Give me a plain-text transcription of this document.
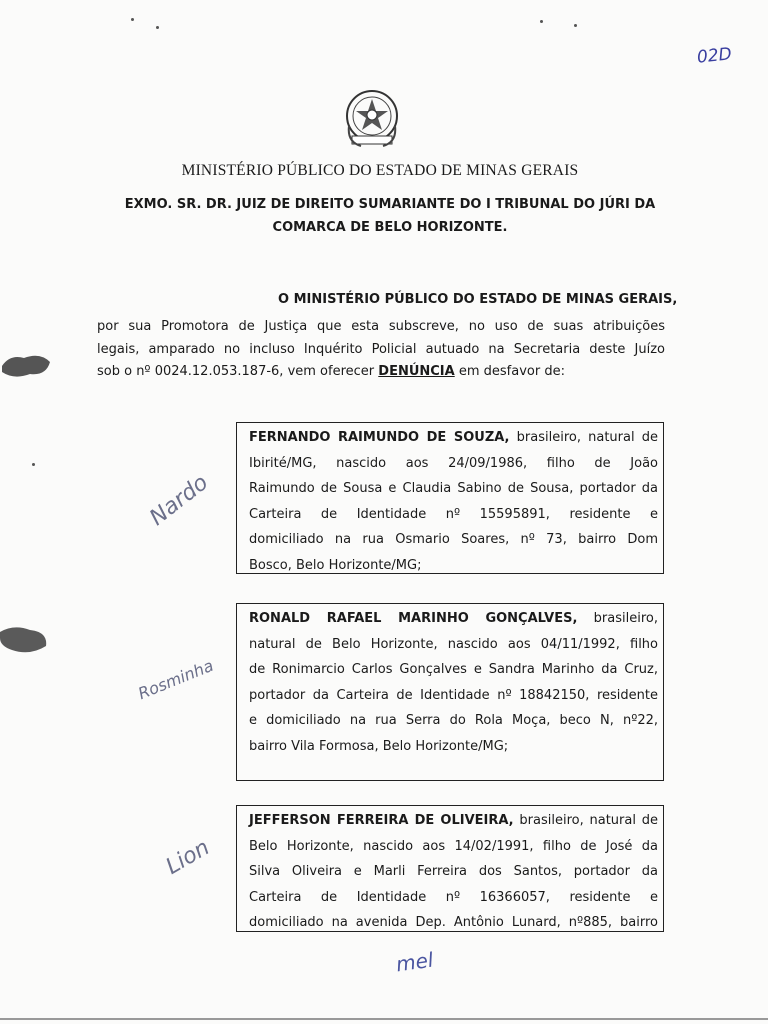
02D
MINISTÉRIO PÚBLICO DO ESTADO DE MINAS GERAIS
EXMO. SR. DR. JUIZ DE DIREITO SUMARIANTE DO I TRIBUNAL DO JÚRI DA
COMARCA DE BELO HORIZONTE.
O MINISTÉRIO PÚBLICO DO ESTADO DE MINAS GERAIS,
por sua Promotora de Justiça que esta subscreve, no uso de suas atribuições
legais, amparado no incluso Inquérito Policial autuado na Secretaria deste Juízo
sob o nº 0024.12.053.187-6, vem oferecer DENÚNCIA em desfavor de:
FERNANDO RAIMUNDO DE SOUZA, brasileiro, natural de
Ibirité/MG, nascido aos 24/09/1986, filho de João
Raimundo de Sousa e Claudia Sabino de Sousa, portador da
Carteira de Identidade nº 15595891, residente e
domiciliado na rua Osmario Soares, nº 73, bairro Dom
Bosco, Belo Horizonte/MG;
RONALD RAFAEL MARINHO GONÇALVES, brasileiro,
natural de Belo Horizonte, nascido aos 04/11/1992, filho
de Ronimarcio Carlos Gonçalves e Sandra Marinho da Cruz,
portador da Carteira de Identidade nº 18842150, residente
e domiciliado na rua Serra do Rola Moça, beco N, nº22,
bairro Vila Formosa, Belo Horizonte/MG;
JEFFERSON FERREIRA DE OLIVEIRA, brasileiro, natural de
Belo Horizonte, nascido aos 14/02/1991, filho de José da
Silva Oliveira e Marli Ferreira dos Santos, portador da
Carteira de Identidade nº 16366057, residente e
domiciliado na avenida Dep. Antônio Lunard, nº885, bairro
Nardo
Rosminha
Lion
mel
